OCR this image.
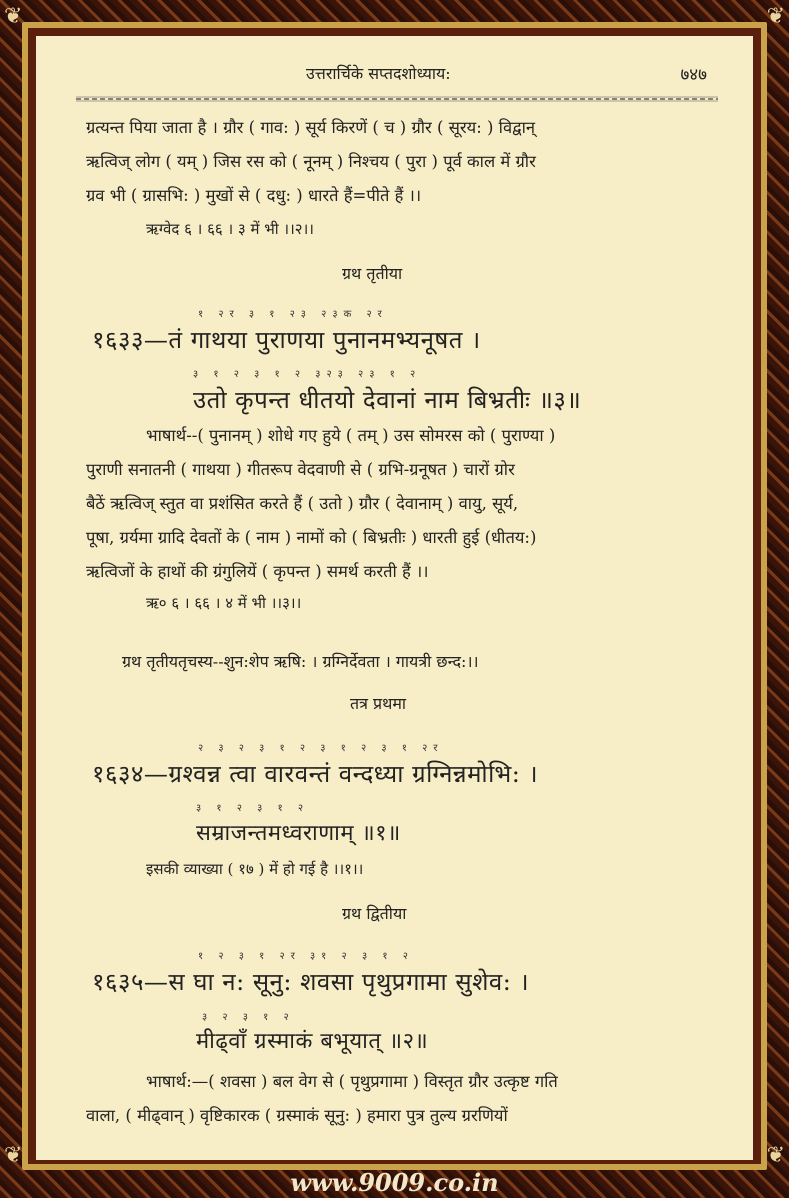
❦	❦
❦	❦
उत्तरार्चिके सप्तदशोध्याय:	७४७
ग्रत्यन्त पिया जाता है । ग्रौर ( गाव: ) सूर्य किरणें ( च ) ग्रौर ( सूरय: ) विद्वान्
ऋत्विज् लोग ( यम् ) जिस रस को ( नूनम् ) निश्चय ( पुरा ) पूर्व काल में ग्रौर
ग्रव भी ( ग्रासभि: ) मुखों से ( दधु: ) धारते हैं=पीते हैं ।।
ऋग्वेद ६ । ६६ । ३ में भी ।।२।।
ग्रथ तृतीया
१ २र ३ १ २३ २३क २र
१६३३—तं गाथया पुराणया पुनानमभ्यनूषत ।
३ १ २ ३ १ २ ३२३ २३ १ २
उतो कृपन्त धीतयो देवानां नाम बिभ्रतीः ॥३॥
भाषार्थ--( पुनानम् ) शोधे गए हुये ( तम् ) उस सोमरस को ( पुराण्या )
पुराणी सनातनी ( गाथया ) गीतरूप वेदवाणी से ( ग्रभि-ग्रनूषत ) चारों ग्रोर
बैठें ऋत्विज् स्तुत वा प्रशंसित करते हैं ( उतो ) ग्रौर ( देवानाम् ) वायु, सूर्य,
पूषा, ग्रर्यमा ग्रादि देवतों के ( नाम ) नामों को ( बिभ्रतीः ) धारती हुई (धीतय:)
ऋत्विजों के हाथों की ग्रंगुलियें ( कृपन्त ) समर्थ करती हैं ।।
ऋ० ६ । ६६ । ४ में भी ।।३।।
ग्रथ तृतीयतृचस्य--शुन:शेप ऋषि: । ग्रग्निर्देवता । गायत्री छन्द:।।
तत्र प्रथमा
२ ३ २ ३ १ २ ३ १ २ ३ १ २र
१६३४—ग्रश्वन्न त्वा वारवन्तं वन्दध्या ग्रग्निन्नमोभि: ।
३ १ २ ३ १ २
सम्राजन्तमध्वराणाम् ॥१॥
इसकी व्याख्या ( १७ ) में हो गई है ।।१।।
ग्रथ द्वितीया
१ २ ३ १ २र ३१ २ ३ १ २
१६३५—स घा न: सूनु: शवसा पृथुप्रगामा सुशेव: ।
३ २ ३ १ २
मीढ्वाँ ग्रस्माकं बभूयात् ॥२॥
भाषार्थ:—( शवसा ) बल वेग से ( पृथुप्रगामा ) विस्तृत ग्रौर उत्कृष्ट गति
वाला, ( मीढ्वान् ) वृष्टिकारक ( ग्रस्माकं सूनु: ) हमारा पुत्र तुल्य ग्ररणियों
www.9009.co.in
